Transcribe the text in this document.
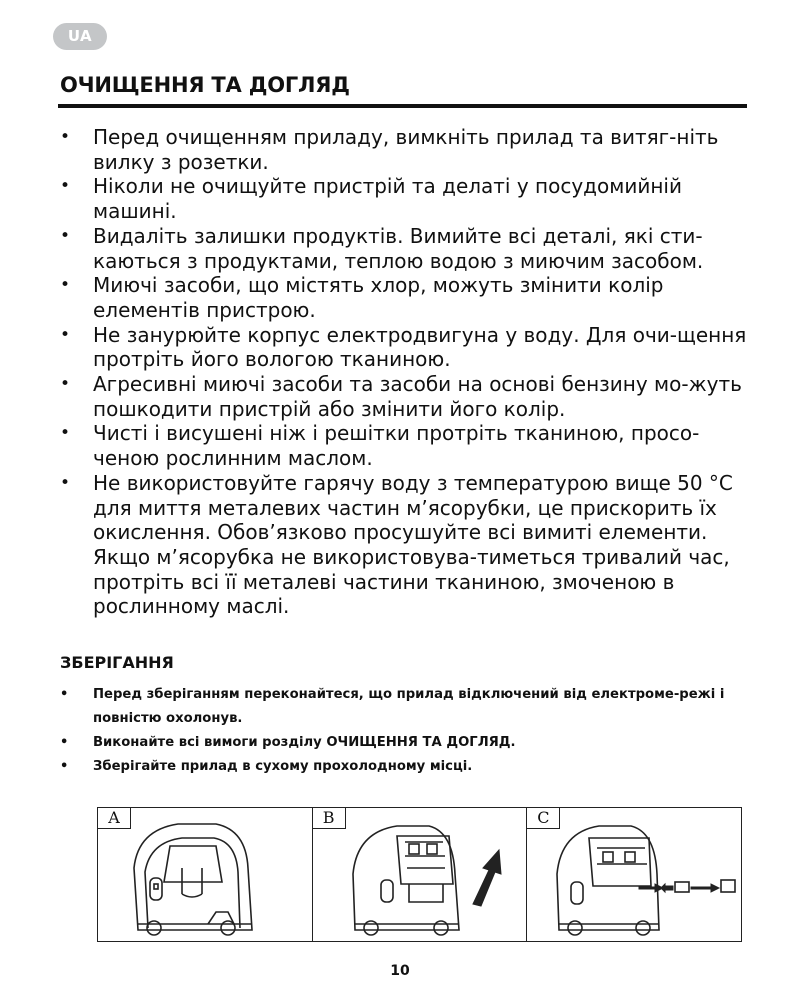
UA
ОЧИЩЕННЯ ТА ДОГЛЯД
• Перед очищенням приладу, вимкніть прилад та витяг-ніть вилку з розетки.
• Ніколи не очищуйте пристрій та делаті у посудомийній машині.
• Видаліть залишки продуктів. Вимийте всі деталі, які сти-каються з продуктами, теплою водою з миючим засобом.
• Миючі засоби, що містять хлор, можуть змінити колір елементів пристрою.
• Не занурюйте корпус електродвигуна у воду. Для очи-щення протріть його вологою тканиною.
• Агресивні миючі засоби та засоби на основі бензину мо-жуть пошкодити пристрій або змінити його колір.
• Чисті і висушені ніж і решітки протріть тканиною, просо-ченою рослинним маслом.
• Не використовуйте гарячу воду з температурою вище 50 °C для миття металевих частин м’ясорубки, це прискорить їх окислення. Обов’язково просушуйте всі вимиті елементи. Якщо м’ясорубка не використовува-тиметься тривалий час, протріть всі її металеві частини тканиною, змоченою в рослинному маслі.
ЗБЕРІГАННЯ
• Перед зберіганням переконайтеся, що прилад відключений від електроме-режі і повністю охолонув.
• Виконайте всі вимоги розділу ОЧИЩЕННЯ ТА ДОГЛЯД.
• Зберігайте прилад в сухому прохолодному місці.
A	B	C
10
